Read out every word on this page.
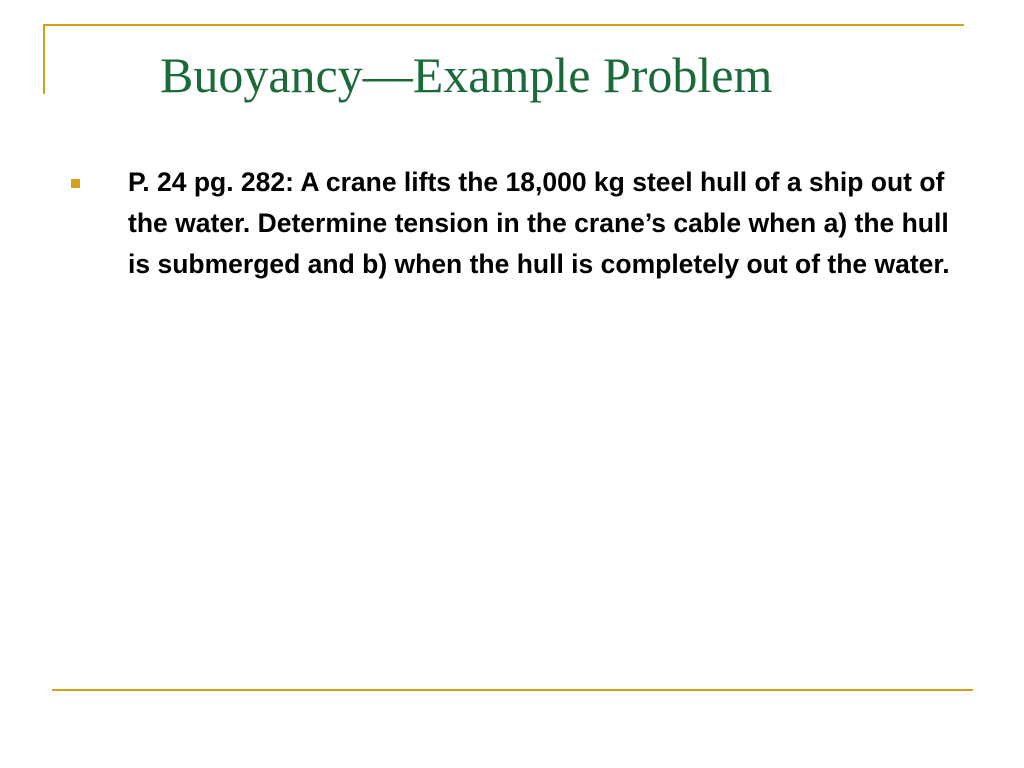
Buoyancy—Example Problem
P. 24 pg. 282: A crane lifts the 18,000 kg steel hull of a ship out of the water. Determine tension in the crane’s cable when a) the hull is submerged and b) when the hull is completely out of the water.
